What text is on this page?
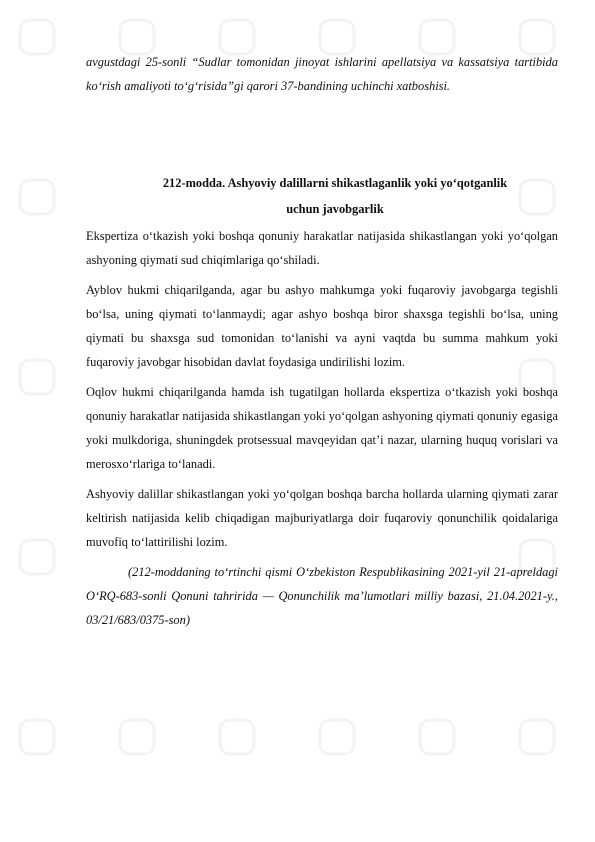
avgustdagi 25-sonli “Sudlar tomonidan jinoyat ishlarini apellatsiya va kassatsiya tartibida ko‘rish amaliyoti to‘g‘risida”gi qarori 37-bandining uchinchi xatboshisi.

212-modda. Ashyoviy dalillarni shikastlaganlik yoki yo‘qotganlik
uchun javobgarlik

Ekspertiza o‘tkazish yoki boshqa qonuniy harakatlar natijasida shikastlangan yoki yo‘qolgan ashyoning qiymati sud chiqimlariga qo‘shiladi.

Ayblov hukmi chiqarilganda, agar bu ashyo mahkumga yoki fuqaroviy javobgarga tegishli bo‘lsa, uning qiymati to‘lanmaydi; agar ashyo boshqa biror shaxsga tegishli bo‘lsa, uning qiymati bu shaxsga sud tomonidan to‘lanishi va ayni vaqtda bu summa mahkum yoki fuqaroviy javobgar hisobidan davlat foydasiga undirilishi lozim.

Oqlov hukmi chiqarilganda hamda ish tugatilgan hollarda ekspertiza o‘tkazish yoki boshqa qonuniy harakatlar natijasida shikastlangan yoki yo‘qolgan ashyoning qiymati qonuniy egasiga yoki mulkdoriga, shuningdek protsessual mavqeyidan qat’i nazar, ularning huquq vorislari va merosxo‘rlariga to‘lanadi.

Ashyoviy dalillar shikastlangan yoki yo‘qolgan boshqa barcha hollarda ularning qiymati zarar keltirish natijasida kelib chiqadigan majburiyatlarga doir fuqaroviy qonunchilik qoidalariga muvofiq to‘lattirilishi lozim.

(212-moddaning to‘rtinchi qismi O‘zbekiston Respublikasining 2021-yil 21-apreldagi O‘RQ-683-sonli Qonuni tahririda — Qonunchilik ma’lumotlari milliy bazasi, 21.04.2021-y., 03/21/683/0375-son)
